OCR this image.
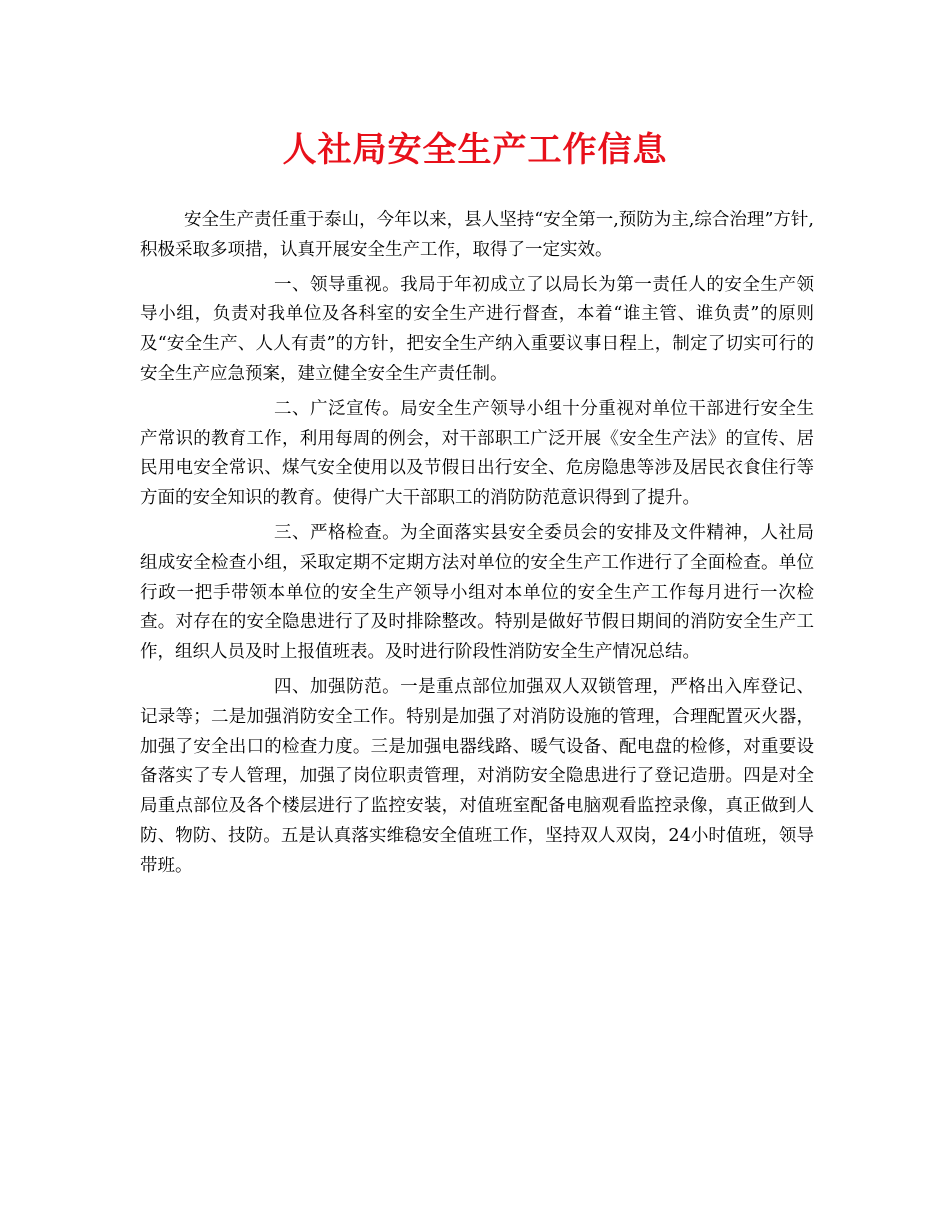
人社局安全生产工作信息

安全生产责任重于泰山，今年以来，县人坚持“安全第一,预防为主,综合治理”方针, 积极采取多项措，认真开展安全生产工作，取得了一定实效。

一、领导重视。我局于年初成立了以局长为第一责任人的安全生产领导小组，负责对我单位及各科室的安全生产进行督查，本着“谁主管、谁负责”的原则及“安全生产、人人有责”的方针，把安全生产纳入重要议事日程上，制定了切实可行的安全生产应急预案，建立健全安全生产责任制。

二、广泛宣传。局安全生产领导小组十分重视对单位干部进行安全生产常识的教育工作，利用每周的例会，对干部职工广泛开展《安全生产法》的宣传、居民用电安全常识、煤气安全使用以及节假日出行安全、危房隐患等涉及居民衣食住行等方面的安全知识的教育。使得广大干部职工的消防防范意识得到了提升。

三、严格检查。为全面落实县安全委员会的安排及文件精神，人社局组成安全检查小组，采取定期不定期方法对单位的安全生产工作进行了全面检查。单位行政一把手带领本单位的安全生产领导小组对本单位的安全生产工作每月进行一次检查。对存在的安全隐患进行了及时排除整改。特别是做好节假日期间的消防安全生产工作，组织人员及时上报值班表。及时进行阶段性消防安全生产情况总结。

四、加强防范。一是重点部位加强双人双锁管理，严格出入库登记、记录等；二是加强消防安全工作。特别是加强了对消防设施的管理，合理配置灭火器，加强了安全出口的检查力度。三是加强电器线路、暖气设备、配电盘的检修，对重要设备落实了专人管理，加强了岗位职责管理，对消防安全隐患进行了登记造册。四是对全局重点部位及各个楼层进行了监控安装，对值班室配备电脑观看监控录像，真正做到人防、物防、技防。五是认真落实维稳安全值班工作，坚持双人双岗，24小时值班，领导带班。
